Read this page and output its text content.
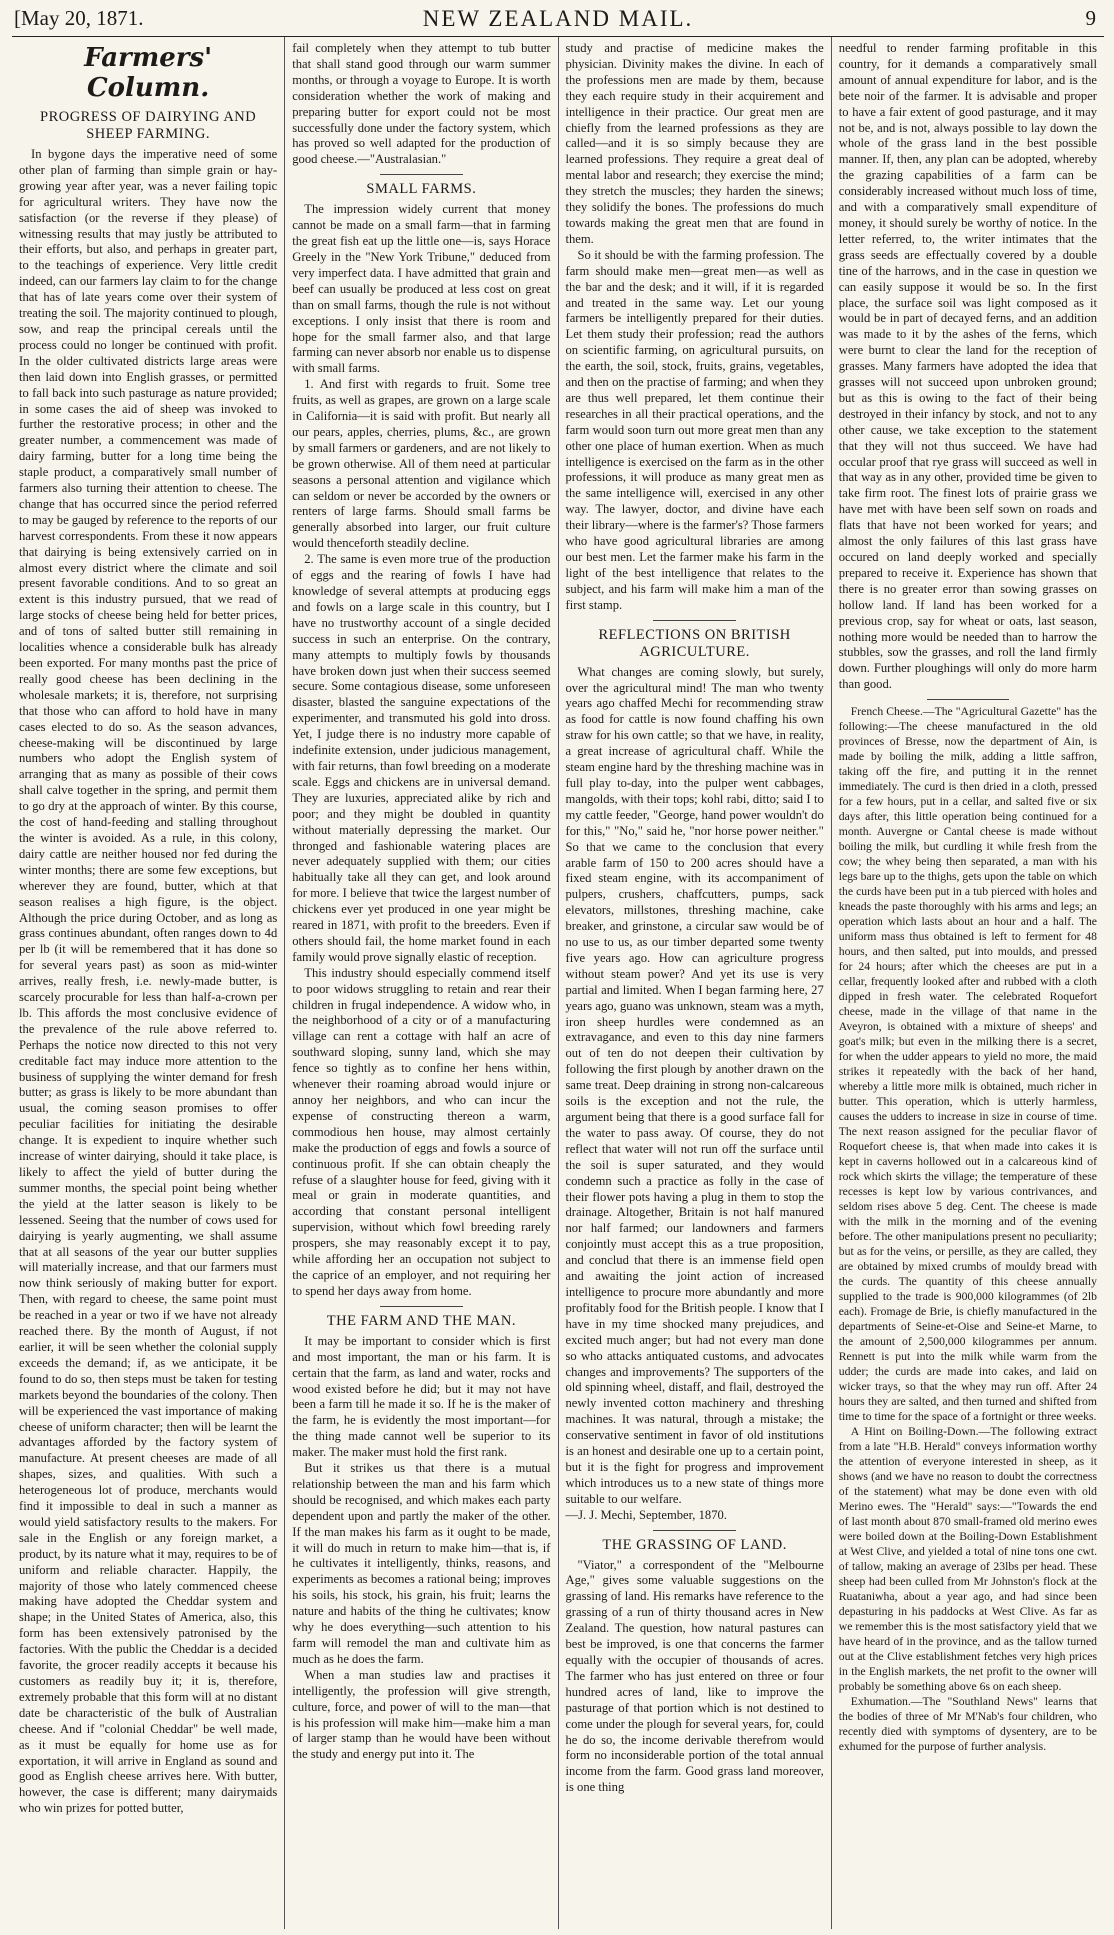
[May 20, 1871.	NEW ZEALAND MAIL.	9
Farmers' Column.
PROGRESS OF DAIRYING AND SHEEP FARMING.

In bygone days the imperative need of some other plan of farming than simple grain or hay-growing year after year, was a never failing topic for agricultural writers. They have now the satisfaction (or the reverse if they please) of witnessing results that may justly be attributed to their efforts, but also, and perhaps in greater part, to the teachings of experience. Very little credit indeed, can our farmers lay claim to for the change that has of late years come over their system of treating the soil. The majority continued to plough, sow, and reap the principal cereals until the process could no longer be continued with profit. In the older cultivated districts large areas were then laid down into English grasses, or permitted to fall back into such pasturage as nature provided; in some cases the aid of sheep was invoked to further the restorative process; in other and the greater number, a commencement was made of dairy farming, butter for a long time being the staple product, a comparatively small number of farmers also turning their attention to cheese. The change that has occurred since the period referred to may be gauged by reference to the reports of our harvest correspondents. From these it now appears that dairying is being extensively carried on in almost every district where the climate and soil present favorable conditions. And to so great an extent is this industry pursued, that we read of large stocks of cheese being held for better prices, and of tons of salted butter still remaining in localities whence a considerable bulk has already been exported. For many months past the price of really good cheese has been declining in the wholesale markets; it is, therefore, not surprising that those who can afford to hold have in many cases elected to do so. As the season advances, cheese-making will be discontinued by large numbers who adopt the English system of arranging that as many as possible of their cows shall calve together in the spring, and permit them to go dry at the approach of winter. By this course, the cost of hand-feeding and stalling throughout the winter is avoided. As a rule, in this colony, dairy cattle are neither housed nor fed during the winter months; there are some few exceptions, but wherever they are found, butter, which at that season realises a high figure, is the object. Although the price during October, and as long as grass continues abundant, often ranges down to 4d per lb (it will be remembered that it has done so for several years past) as soon as mid-winter arrives, really fresh, i.e. newly-made butter, is scarcely procurable for less than half-a-crown per lb. This affords the most conclusive evidence of the prevalence of the rule above referred to. Perhaps the notice now directed to this not very creditable fact may induce more attention to the business of supplying the winter demand for fresh butter; as grass is likely to be more abundant than usual, the coming season promises to offer peculiar facilities for initiating the desirable change. It is expedient to inquire whether such increase of winter dairying, should it take place, is likely to affect the yield of butter during the summer months, the special point being whether the yield at the latter season is likely to be lessened. Seeing that the number of cows used for dairying is yearly augmenting, we shall assume that at all seasons of the year our butter supplies will materially increase, and that our farmers must now think seriously of making butter for export. Then, with regard to cheese, the same point must be reached in a year or two if we have not already reached there. By the month of August, if not earlier, it will be seen whether the colonial supply exceeds the demand; if, as we anticipate, it be found to do so, then steps must be taken for testing markets beyond the boundaries of the colony. Then will be experienced the vast importance of making cheese of uniform character; then will be learnt the advantages afforded by the factory system of manufacture. At present cheeses are made of all shapes, sizes, and qualities. With such a heterogeneous lot of produce, merchants would find it impossible to deal in such a manner as would yield satisfactory results to the makers. For sale in the English or any foreign market, a product, by its nature what it may, requires to be of uniform and reliable character. Happily, the majority of those who lately commenced cheese making have adopted the Cheddar system and shape; in the United States of America, also, this form has been extensively patronised by the factories. With the public the Cheddar is a decided favorite, the grocer readily accepts it because his customers as readily buy it; it is, therefore, extremely probable that this form will at no distant date be characteristic of the bulk of Australian cheese. And if "colonial Cheddar" be well made, as it must be equally for home use as for exportation, it will arrive in England as sound and good as English cheese arrives here. With butter, however, the case is different; many dairymaids who win prizes for potted butter,

fail completely when they attempt to tub butter that shall stand good through our warm summer months, or through a voyage to Europe. It is worth consideration whether the work of making and preparing butter for export could not be most successfully done under the factory system, which has proved so well adapted for the production of good cheese.—"Australasian."

SMALL FARMS.

The impression widely current that money cannot be made on a small farm—that in farming the great fish eat up the little one—is, says Horace Greely in the "New York Tribune," deduced from very imperfect data. I have admitted that grain and beef can usually be produced at less cost on great than on small farms, though the rule is not without exceptions. I only insist that there is room and hope for the small farmer also, and that large farming can never absorb nor enable us to dispense with small farms.

1. And first with regards to fruit. Some tree fruits, as well as grapes, are grown on a large scale in California—it is said with profit. But nearly all our pears, apples, cherries, plums, &c., are grown by small farmers or gardeners, and are not likely to be grown otherwise. All of them need at particular seasons a personal attention and vigilance which can seldom or never be accorded by the owners or renters of large farms. Should small farms be generally absorbed into larger, our fruit culture would thenceforth steadily decline.

2. The same is even more true of the production of eggs and the rearing of fowls I have had knowledge of several attempts at producing eggs and fowls on a large scale in this country, but I have no trustworthy account of a single decided success in such an enterprise. On the contrary, many attempts to multiply fowls by thousands have broken down just when their success seemed secure. Some contagious disease, some unforeseen disaster, blasted the sanguine expectations of the experimenter, and transmuted his gold into dross. Yet, I judge there is no industry more capable of indefinite extension, under judicious management, with fair returns, than fowl breeding on a moderate scale. Eggs and chickens are in universal demand. They are luxuries, appreciated alike by rich and poor; and they might be doubled in quantity without materially depressing the market. Our thronged and fashionable watering places are never adequately supplied with them; our cities habitually take all they can get, and look around for more. I believe that twice the largest number of chickens ever yet produced in one year might be reared in 1871, with profit to the breeders. Even if others should fail, the home market found in each family would prove signally elastic of reception.

This industry should especially commend itself to poor widows struggling to retain and rear their children in frugal independence. A widow who, in the neighborhood of a city or of a manufacturing village can rent a cottage with half an acre of southward sloping, sunny land, which she may fence so tightly as to confine her hens within, whenever their roaming abroad would injure or annoy her neighbors, and who can incur the expense of constructing thereon a warm, commodious hen house, may almost certainly make the production of eggs and fowls a source of continuous profit. If she can obtain cheaply the refuse of a slaughter house for feed, giving with it meal or grain in moderate quantities, and according that constant personal intelligent supervision, without which fowl breeding rarely prospers, she may reasonably except it to pay, while affording her an occupation not subject to the caprice of an employer, and not requiring her to spend her days away from home.

THE FARM AND THE MAN.

It may be important to consider which is first and most important, the man or his farm. It is certain that the farm, as land and water, rocks and wood existed before he did; but it may not have been a farm till he made it so. If he is the maker of the farm, he is evidently the most important—for the thing made cannot well be superior to its maker. The maker must hold the first rank.

But it strikes us that there is a mutual relationship between the man and his farm which should be recognised, and which makes each party dependent upon and partly the maker of the other. If the man makes his farm as it ought to be made, it will do much in return to make him—that is, if he cultivates it intelligently, thinks, reasons, and experiments as becomes a rational being; improves his soils, his stock, his grain, his fruit; learns the nature and habits of the thing he cultivates; know why he does everything—such attention to his farm will remodel the man and cultivate him as much as he does the farm.

When a man studies law and practises it intelligently, the profession will give strength, culture, force, and power of will to the man—that is his profession will make him—make him a man of larger stamp than he would have been without the study and energy put into it. The

study and practise of medicine makes the physician. Divinity makes the divine. In each of the professions men are made by them, because they each require study in their acquirement and intelligence in their practice. Our great men are chiefly from the learned professions as they are called—and it is so simply because they are learned professions. They require a great deal of mental labor and research; they exercise the mind; they stretch the muscles; they harden the sinews; they solidify the bones. The professions do much towards making the great men that are found in them.

So it should be with the farming profession. The farm should make men—great men—as well as the bar and the desk; and it will, if it is regarded and treated in the same way. Let our young farmers be intelligently prepared for their duties. Let them study their profession; read the authors on scientific farming, on agricultural pursuits, on the earth, the soil, stock, fruits, grains, vegetables, and then on the practise of farming; and when they are thus well prepared, let them continue their researches in all their practical operations, and the farm would soon turn out more great men than any other one place of human exertion. When as much intelligence is exercised on the farm as in the other professions, it will produce as many great men as the same intelligence will, exercised in any other way. The lawyer, doctor, and divine have each their library—where is the farmer's? Those farmers who have good agricultural libraries are among our best men. Let the farmer make his farm in the light of the best intelligence that relates to the subject, and his farm will make him a man of the first stamp.

REFLECTIONS ON BRITISH AGRICULTURE.

What changes are coming slowly, but surely, over the agricultural mind! The man who twenty years ago chaffed Mechi for recommending straw as food for cattle is now found chaffing his own straw for his own cattle; so that we have, in reality, a great increase of agricultural chaff. While the steam engine hard by the threshing machine was in full play to-day, into the pulper went cabbages, mangolds, with their tops; kohl rabi, ditto; said I to my cattle feeder, "George, hand power wouldn't do for this," "No," said he, "nor horse power neither." So that we came to the conclusion that every arable farm of 150 to 200 acres should have a fixed steam engine, with its accompaniment of pulpers, crushers, chaffcutters, pumps, sack elevators, millstones, threshing machine, cake breaker, and grinstone, a circular saw would be of no use to us, as our timber departed some twenty five years ago. How can agriculture progress without steam power? And yet its use is very partial and limited. When I began farming here, 27 years ago, guano was unknown, steam was a myth, iron sheep hurdles were condemned as an extravagance, and even to this day nine farmers out of ten do not deepen their cultivation by following the first plough by another drawn on the same treat. Deep draining in strong non-calcareous soils is the exception and not the rule, the argument being that there is a good surface fall for the water to pass away. Of course, they do not reflect that water will not run off the surface until the soil is super saturated, and they would condemn such a practice as folly in the case of their flower pots having a plug in them to stop the drainage. Altogether, Britain is not half manured nor half farmed; our landowners and farmers conjointly must accept this as a true proposition, and conclud that there is an immense field open and awaiting the joint action of increased intelligence to procure more abundantly and more profitably food for the British people. I know that I have in my time shocked many prejudices, and excited much anger; but had not every man done so who attacks antiquated customs, and advocates changes and improvements? The supporters of the old spinning wheel, distaff, and flail, destroyed the newly invented cotton machinery and threshing machines. It was natural, through a mistake; the conservative sentiment in favor of old institutions is an honest and desirable one up to a certain point, but it is the fight for progress and improvement which introduces us to a new state of things more suitable to our welfare.

—J. J. Mechi, September, 1870.

THE GRASSING OF LAND.

"Viator," a correspondent of the "Melbourne Age," gives some valuable suggestions on the grassing of land. His remarks have reference to the grassing of a run of thirty thousand acres in New Zealand. The question, how natural pastures can best be improved, is one that concerns the farmer equally with the occupier of thousands of acres. The farmer who has just entered on three or four hundred acres of land, like to improve the pasturage of that portion which is not destined to come under the plough for several years, for, could he do so, the income derivable therefrom would form no inconsiderable portion of the total annual income from the farm. Good grass land moreover, is one thing

needful to render farming profitable in this country, for it demands a comparatively small amount of annual expenditure for labor, and is the bete noir of the farmer. It is advisable and proper to have a fair extent of good pasturage, and it may not be, and is not, always possible to lay down the whole of the grass land in the best possible manner. If, then, any plan can be adopted, whereby the grazing capabilities of a farm can be considerably increased without much loss of time, and with a comparatively small expenditure of money, it should surely be worthy of notice. In the letter referred, to, the writer intimates that the grass seeds are effectually covered by a double tine of the harrows, and in the case in question we can easily suppose it would be so. In the first place, the surface soil was light composed as it would be in part of decayed ferns, and an addition was made to it by the ashes of the ferns, which were burnt to clear the land for the reception of grasses. Many farmers have adopted the idea that grasses will not succeed upon unbroken ground; but as this is owing to the fact of their being destroyed in their infancy by stock, and not to any other cause, we take exception to the statement that they will not thus succeed. We have had occular proof that rye grass will succeed as well in that way as in any other, provided time be given to take firm root. The finest lots of prairie grass we have met with have been self sown on roads and flats that have not been worked for years; and almost the only failures of this last grass have occured on land deeply worked and specially prepared to receive it. Experience has shown that there is no greater error than sowing grasses on hollow land. If land has been worked for a previous crop, say for wheat or oats, last season, nothing more would be needed than to harrow the stubbles, sow the grasses, and roll the land firmly down. Further ploughings will only do more harm than good.

French Cheese.—The "Agricultural Gazette" has the following:—The cheese manufactured in the old provinces of Bresse, now the department of Ain, is made by boiling the milk, adding a little saffron, taking off the fire, and putting it in the rennet immediately. The curd is then dried in a cloth, pressed for a few hours, put in a cellar, and salted five or six days after, this little operation being continued for a month. Auvergne or Cantal cheese is made without boiling the milk, but curdling it while fresh from the cow; the whey being then separated, a man with his legs bare up to the thighs, gets upon the table on which the curds have been put in a tub pierced with holes and kneads the paste thoroughly with his arms and legs; an operation which lasts about an hour and a half. The uniform mass thus obtained is left to ferment for 48 hours, and then salted, put into moulds, and pressed for 24 hours; after which the cheeses are put in a cellar, frequently looked after and rubbed with a cloth dipped in fresh water. The celebrated Roquefort cheese, made in the village of that name in the Aveyron, is obtained with a mixture of sheeps' and goat's milk; but even in the milking there is a secret, for when the udder appears to yield no more, the maid strikes it repeatedly with the back of her hand, whereby a little more milk is obtained, much richer in butter. This operation, which is utterly harmless, causes the udders to increase in size in course of time. The next reason assigned for the peculiar flavor of Roquefort cheese is, that when made into cakes it is kept in caverns hollowed out in a calcareous kind of rock which skirts the village; the temperature of these recesses is kept low by various contrivances, and seldom rises above 5 deg. Cent. The cheese is made with the milk in the morning and of the evening before. The other manipulations present no peculiarity; but as for the veins, or persille, as they are called, they are obtained by mixed crumbs of mouldy bread with the curds. The quantity of this cheese annually supplied to the trade is 900,000 kilogrammes (of 2lb each). Fromage de Brie, is chiefly manufactured in the departments of Seine-et-Oise and Seine-et Marne, to the amount of 2,500,000 kilogrammes per annum. Rennett is put into the milk while warm from the udder; the curds are made into cakes, and laid on wicker trays, so that the whey may run off. After 24 hours they are salted, and then turned and shifted from time to time for the space of a fortnight or three weeks.

A Hint on Boiling-Down.—The following extract from a late "H.B. Herald" conveys information worthy the attention of everyone interested in sheep, as it shows (and we have no reason to doubt the correctness of the statement) what may be done even with old Merino ewes. The "Herald" says:—"Towards the end of last month about 870 small-framed old merino ewes were boiled down at the Boiling-Down Establishment at West Clive, and yielded a total of nine tons one cwt. of tallow, making an average of 23lbs per head. These sheep had been culled from Mr Johnston's flock at the Ruataniwha, about a year ago, and had since been depasturing in his paddocks at West Clive. As far as we remember this is the most satisfactory yield that we have heard of in the province, and as the tallow turned out at the Clive establishment fetches very high prices in the English markets, the net profit to the owner will probably be something above 6s on each sheep.

Exhumation.—The "Southland News" learns that the bodies of three of Mr M'Nab's four children, who recently died with symptoms of dysentery, are to be exhumed for the purpose of further analysis.
